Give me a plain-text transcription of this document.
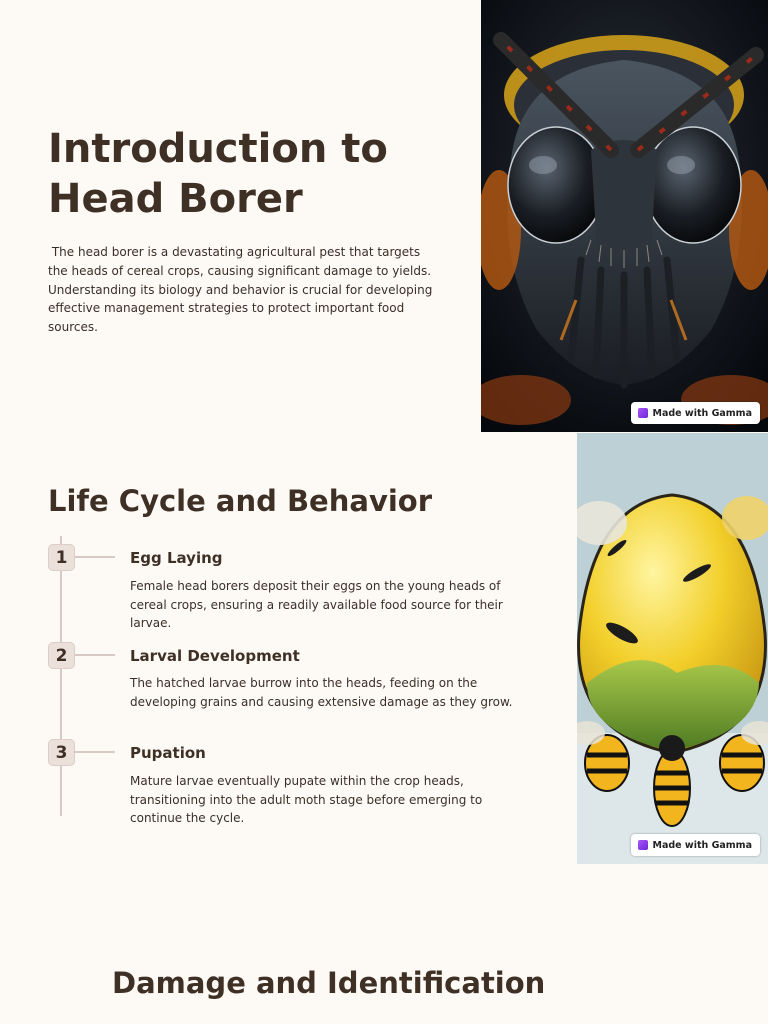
Introduction to Head Borer

The head borer is a devastating agricultural pest that targets the heads of cereal crops, causing significant damage to yields. Understanding its biology and behavior is crucial for developing effective management strategies to protect important food sources.

Made with Gamma
Life Cycle and Behavior
1	Egg Laying

Female head borers deposit their eggs on the young heads of cereal crops, ensuring a readily available food source for their larvae.

2	Larval Development

The hatched larvae burrow into the heads, feeding on the developing grains and causing extensive damage as they grow.

3	Pupation

Mature larvae eventually pupate within the crop heads, transitioning into the adult moth stage before emerging to continue the cycle.

Made with Gamma
Damage and Identification
